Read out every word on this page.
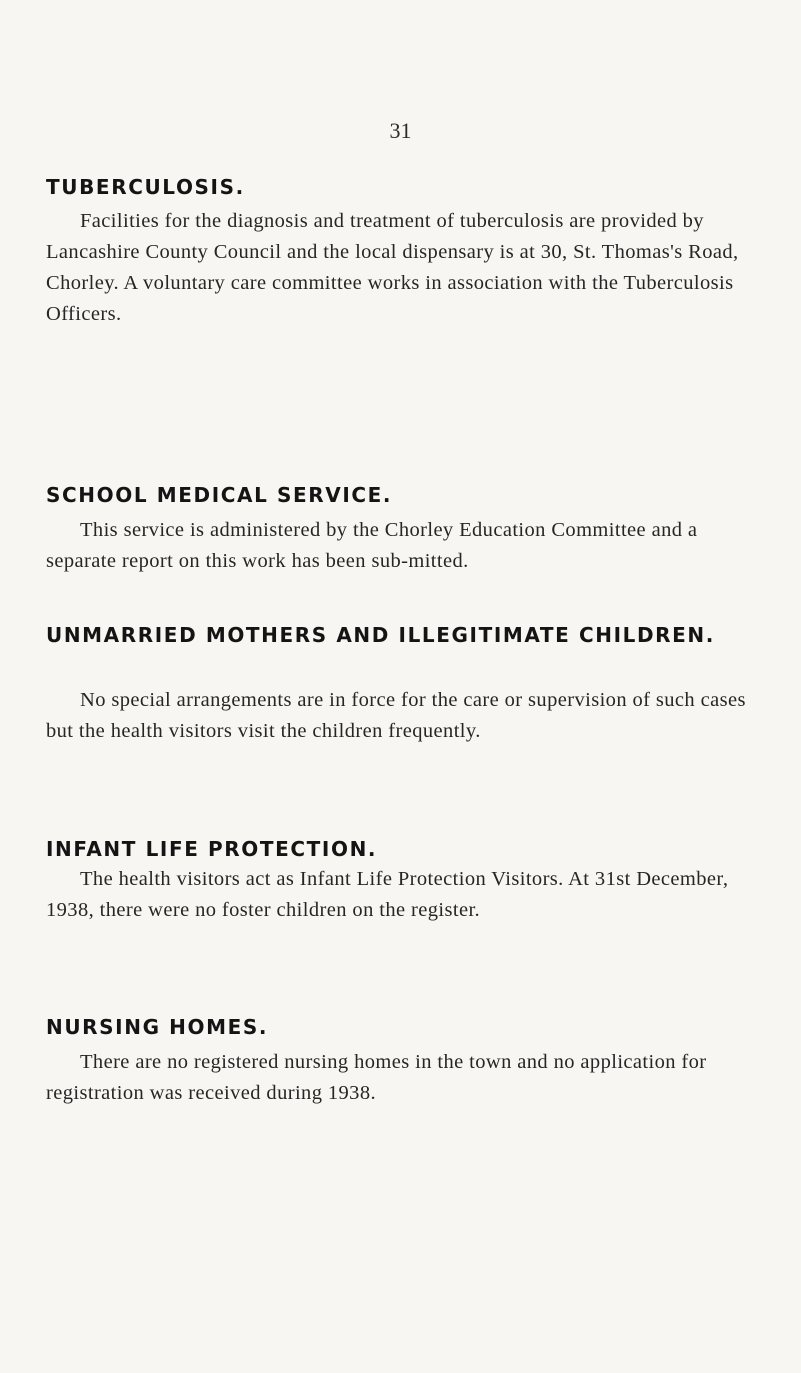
31
TUBERCULOSIS.

Facilities for the diagnosis and treatment of tuberculosis are provided by Lancashire County Council and the local dispensary is at 30, St. Thomas's Road, Chorley. A voluntary care committee works in association with the Tuberculosis Officers.

SCHOOL MEDICAL SERVICE.

This service is administered by the Chorley Education Committee and a separate report on this work has been sub-mitted.

UNMARRIED MOTHERS AND ILLEGITIMATE CHILDREN.

No special arrangements are in force for the care or supervision of such cases but the health visitors visit the children frequently.

INFANT LIFE PROTECTION.

The health visitors act as Infant Life Protection Visitors. At 31st December, 1938, there were no foster children on the register.

NURSING HOMES.

There are no registered nursing homes in the town and no application for registration was received during 1938.
